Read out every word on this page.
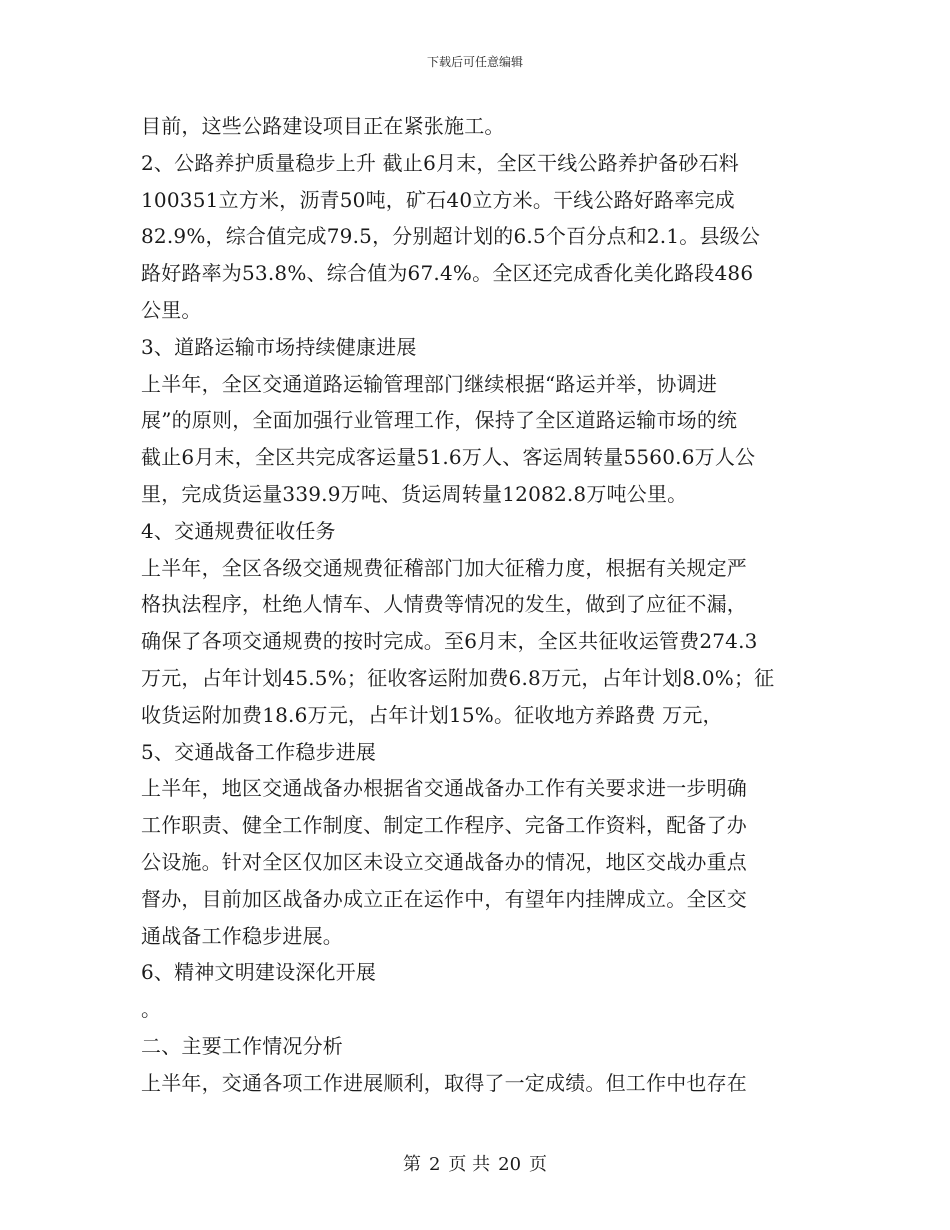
下载后可任意编辑
目前，这些公路建设项目正在紧张施工。
2、公路养护质量稳步上升 截止6月末，全区干线公路养护备砂石料
100351立方米，沥青50吨，矿石40立方米。干线公路好路率完成
82.9%，综合值完成79.5，分别超计划的6.5个百分点和2.1。县级公
路好路率为53.8%、综合值为67.4%。全区还完成香化美化路段486
公里。
3、道路运输市场持续健康进展
上半年，全区交通道路运输管理部门继续根据“路运并举，协调进
展”的原则，全面加强行业管理工作，保持了全区道路运输市场的统
截止6月末，全区共完成客运量51.6万人、客运周转量5560.6万人公
里，完成货运量339.9万吨、货运周转量12082.8万吨公里。
4、交通规费征收任务
上半年，全区各级交通规费征稽部门加大征稽力度，根据有关规定严
格执法程序，杜绝人情车、人情费等情况的发生，做到了应征不漏，
确保了各项交通规费的按时完成。至6月末，全区共征收运管费274.3
万元，占年计划45.5%；征收客运附加费6.8万元，占年计划8.0%；征
收货运附加费18.6万元，占年计划15%。征收地方养路费 万元，
5、交通战备工作稳步进展
上半年，地区交通战备办根据省交通战备办工作有关要求进一步明确
工作职责、健全工作制度、制定工作程序、完备工作资料，配备了办
公设施。针对全区仅加区未设立交通战备办的情况，地区交战办重点
督办，目前加区战备办成立正在运作中，有望年内挂牌成立。全区交
通战备工作稳步进展。
6、精神文明建设深化开展
。
二、主要工作情况分析
上半年，交通各项工作进展顺利，取得了一定成绩。但工作中也存在
第 2 页 共 20 页
